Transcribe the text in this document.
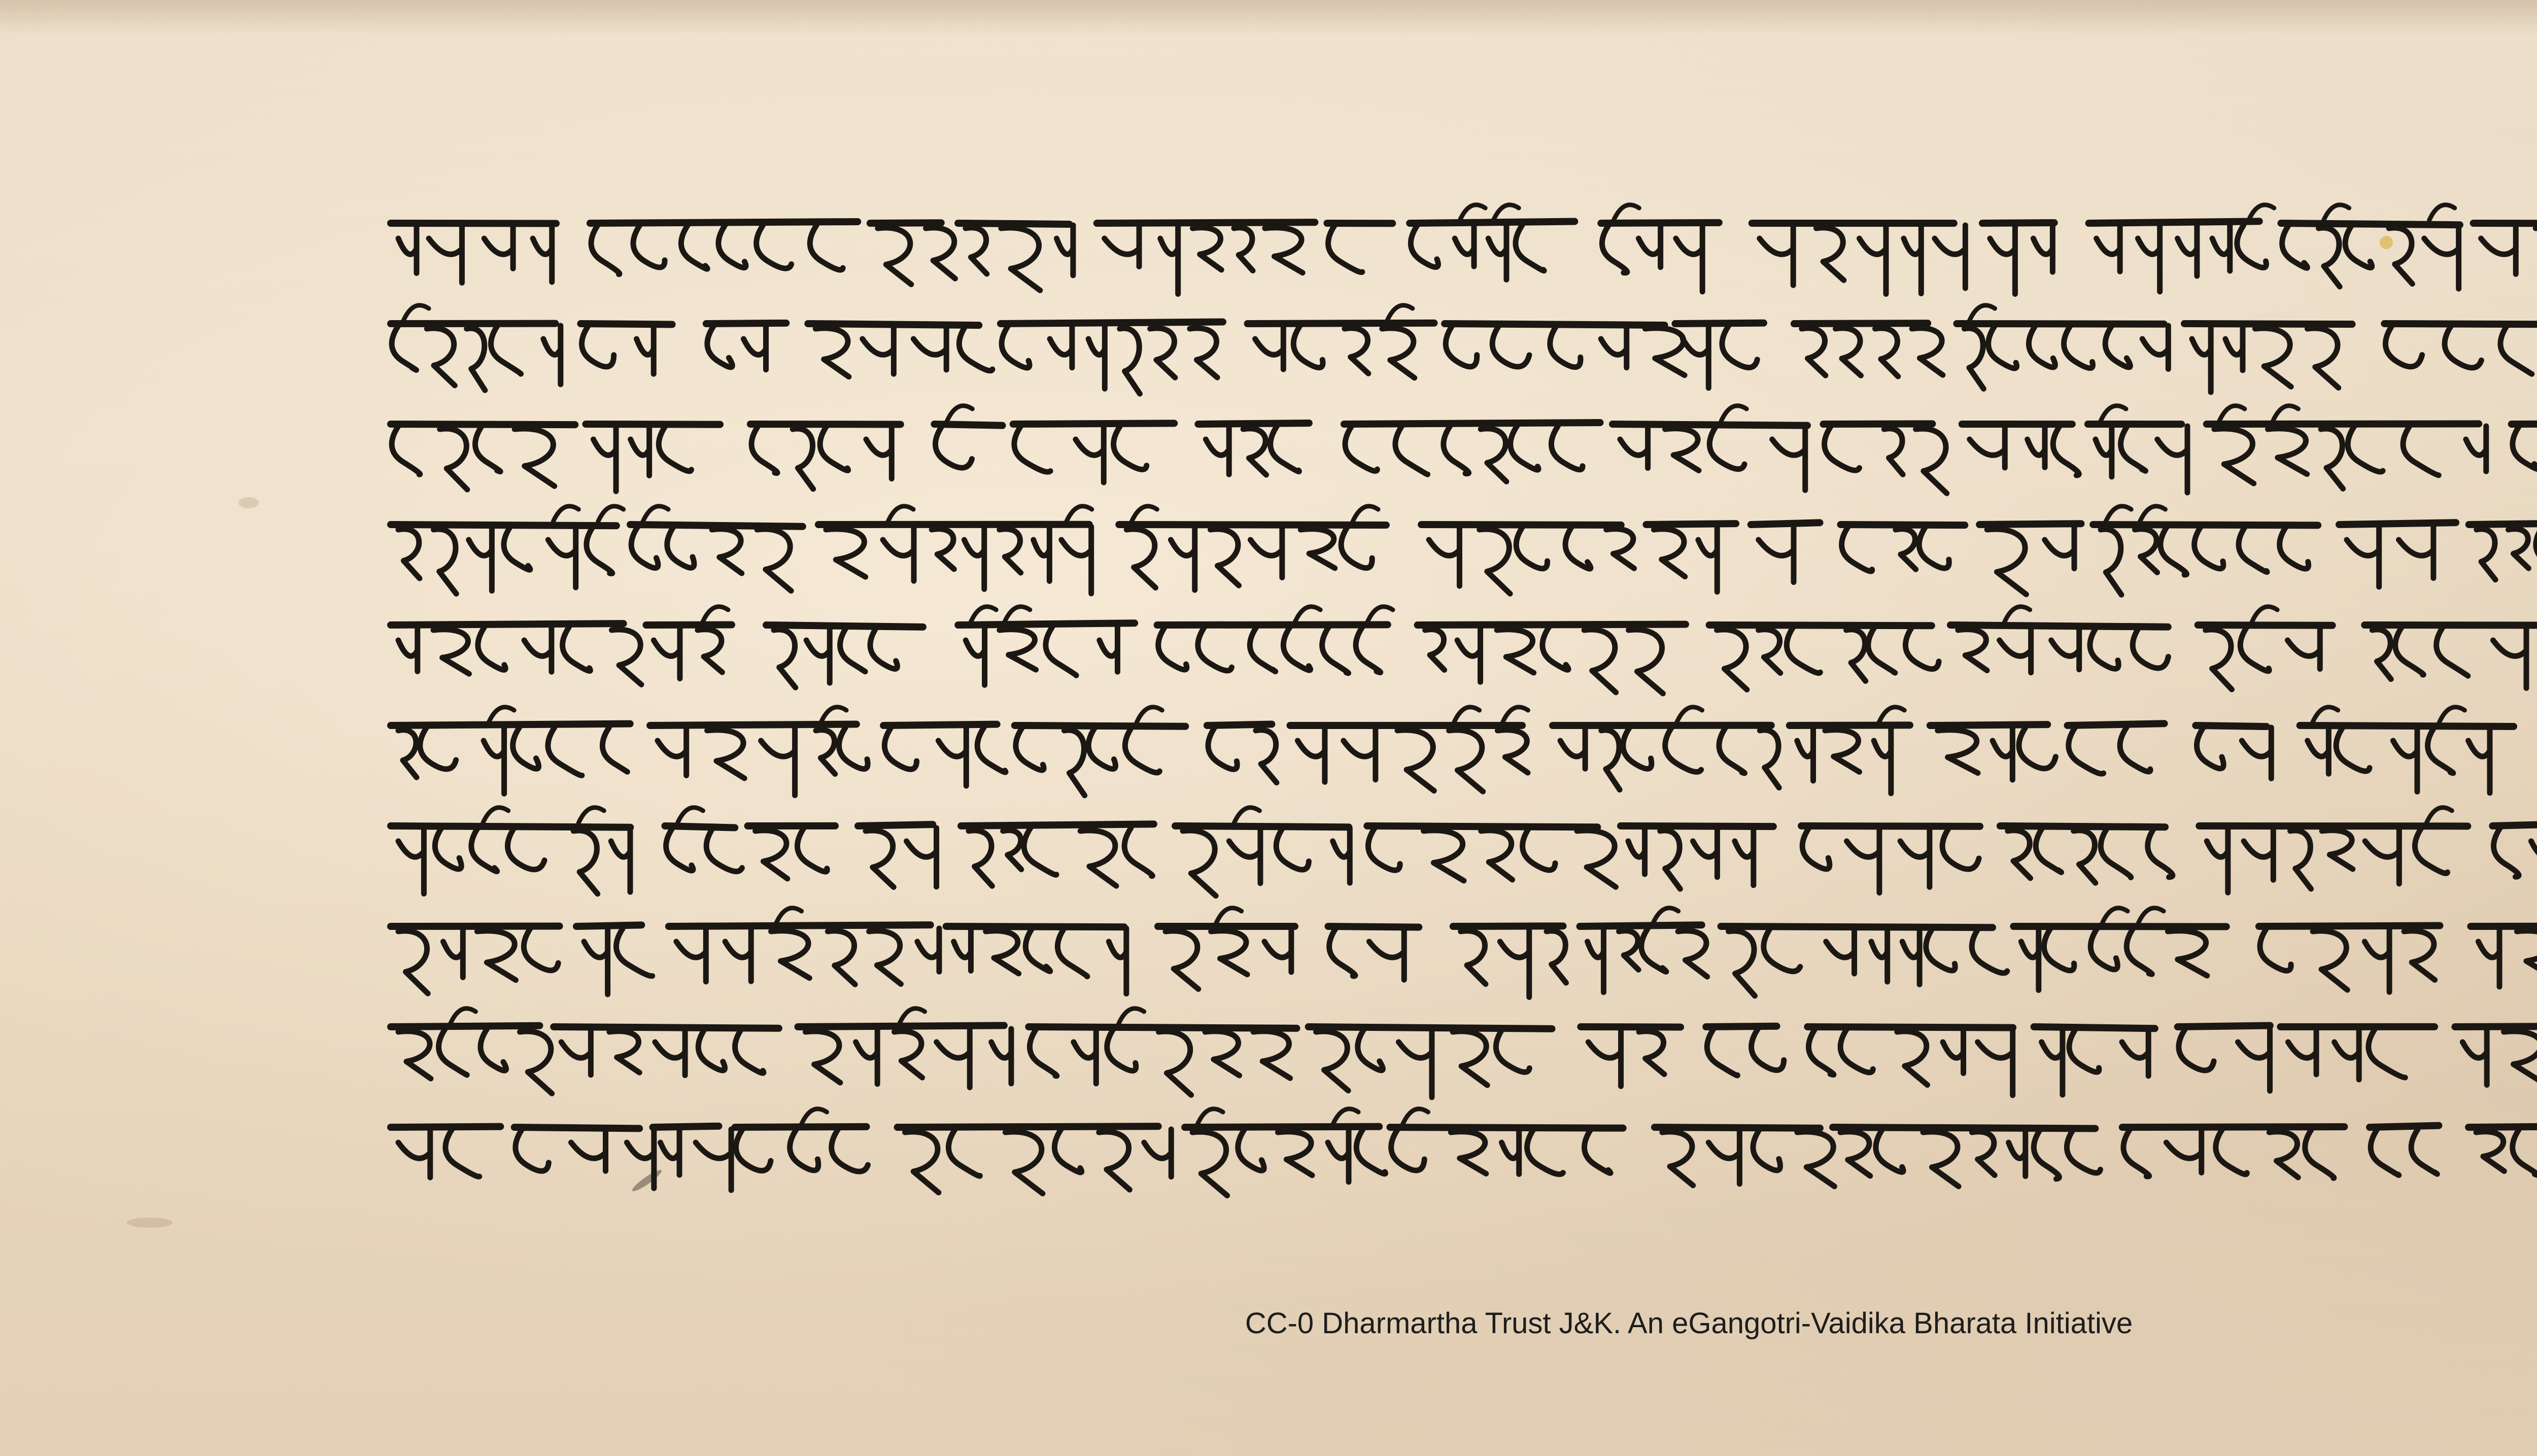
CC-0 Dharmartha Trust J&K. An eGangotri-Vaidika Bharata Initiative
